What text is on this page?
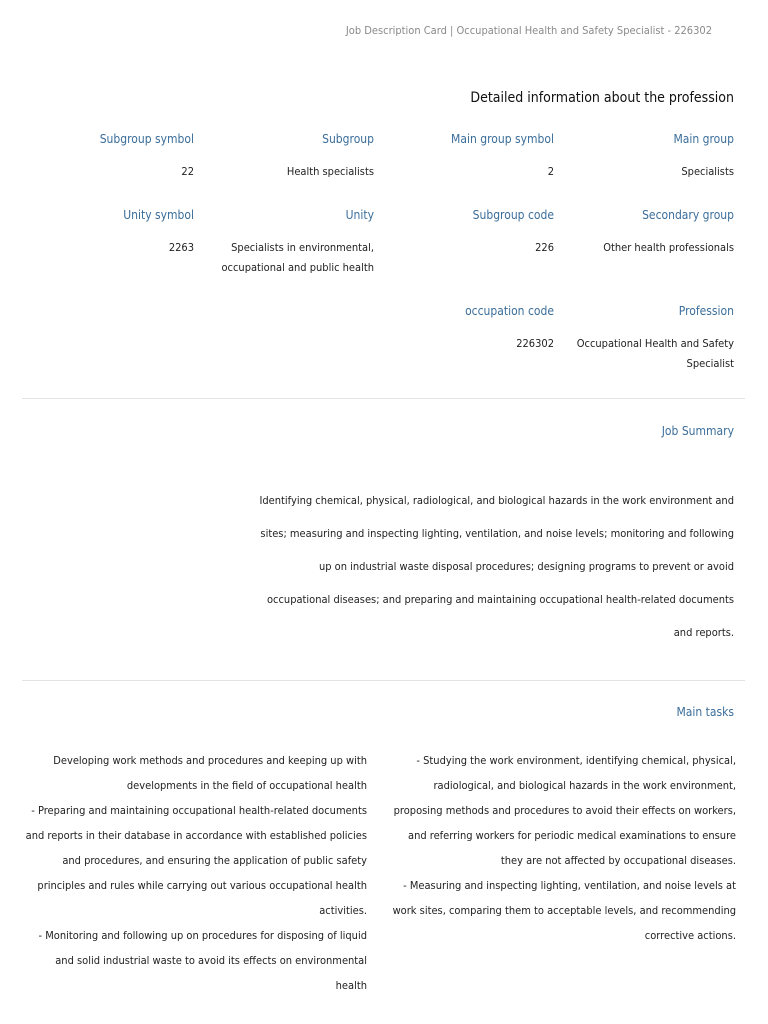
Job Description Card | Occupational Health and Safety Specialist - 226302
Detailed information about the profession
Main group
Specialists
Main group symbol
2
Subgroup
Health specialists
Subgroup symbol
22
Secondary group
Other health professionals
Subgroup code
226
Unity
Specialists in environmental, occupational and public health
Unity symbol
2263
Profession
Occupational Health and Safety Specialist
occupation code
226302
Job Summary
Identifying chemical, physical, radiological, and biological hazards in the work environment and sites; measuring and inspecting lighting, ventilation, and noise levels; monitoring and following up on industrial waste disposal procedures; designing programs to prevent or avoid occupational diseases; and preparing and maintaining occupational health-related documents and reports.
Main tasks
- Studying the work environment, identifying chemical, physical, radiological, and biological hazards in the work environment, proposing methods and procedures to avoid their effects on workers, and referring workers for periodic medical examinations to ensure they are not affected by occupational diseases.
- Measuring and inspecting lighting, ventilation, and noise levels at work sites, comparing them to acceptable levels, and recommending corrective actions.
Developing work methods and procedures and keeping up with developments in the field of occupational health
- Preparing and maintaining occupational health-related documents and reports in their database in accordance with established policies and procedures, and ensuring the application of public safety principles and rules while carrying out various occupational health activities.
- Monitoring and following up on procedures for disposing of liquid and solid industrial waste to avoid its effects on environmental health
